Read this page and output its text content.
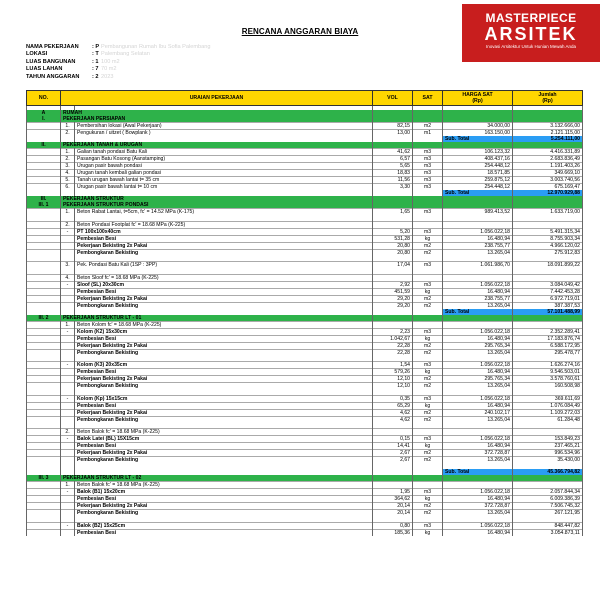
RENCANA ANGGARAN BIAYA
NAMA PEKERJAAN : P Pembangunan Rumah Ibu Sofia Palembang
LOKASI	: T Palembang Selatan
LUAS BANGUNAN	: 1 100 m2
LUAS LAHAN	: 7 70 m2
TAHUN ANGGARAN : 2 2023
MASTERPIECE
ARSITEK
Inovasi Arsitektur Untuk Hunian Mewah Anda
NO.	URAIAN PEKERJAAN		VOL	SAT	HARGA SAT
(Rp)	Jumlah
(Rp)

A	RUMAH					
I.	PEKERJAAN PERSIAPAN					
	1.	Pembersihan lokasi (Awal Pekerjaan)	82,15	m2	34.000,00	3.132.666,00
	2.	Pengukuran / uitzet ( Bowplank )	13,00	m1	163.150,00	2.121.115,00
					Sub. Total	5.254.111,00
II.	PEKERJAAN TANAH & URUGAN					
	1.	Galian tanah pondasi Batu Kali	41,62	m3	106.123,32	4.416.331,89
	2.	Pasangan Batu Kosong (Aanstamping)	6,57	m3	408.437,16	2.683.836,49
	3.	Urugan pasir bawah pondasi	5,65	m3	254.448,12	1.191.403,26
	4.	Urugan tanah kembali galian pondasi	18,83	m3	18.571,85	349.669,10
	5.	Tanah urugan bawah lantai t= 35 cm	11,56	m3	259.875,12	3.003.740,56
	6.	Urugan pasir bawah lantai t= 10 cm	3,30	m3	254.448,12	675.169,47
					Sub. Total	12.970.929,88
III.	PEKERJAAN STRUKTUR					
III. 1	PEKERJAAN STRUKTUR PONDASI					
	1.	Beton Rabat Lantai, t=5cm, fc' = 14.52 MPa (K-175)	1,65	m3	989.413,52	1.633.719,00

	2.	Beton Pondasi Footplat fc' = 18.68 MPa (K-225)				
	-	PT 100x100x40cm	5,20	m3	1.056.022,18	5.491.315,34
		Pembesian Besi	531,28	kg	16.480,94	8.755.903,34
		Pekerjaan Bekisting 2x Pakai	20,80	m2	238.755,77	4.966.120,02
		Pembongkaran Bekisting	20,80	m2	13.265,04	275.912,83

	3.	Pek. Pondasi Batu Kali (1SP : 3PP)	17,04	m3	1.061.986,70	18.091.899,22

	4.	Beton Sloof fc' = 18.68 MPa (K-225)				
	-	Sloof (SL) 20x30cm	2,92	m3	1.056.022,18	3.084.049,42
		Pembesian Besi	451,59	kg	16.480,94	7.442.453,28
		Pekerjaan Bekisting 2x Pakai	29,20	m2	238.755,77	6.972.719,01
		Pembongkaran Bekisting	29,20	m2	13.265,04	387.387,53
					Sub. Total	57.101.488,99
III. 2	PEKERJAAN STRUKTUR LT - 01					
	1.	Beton Kolom fc' = 18.68 MPa (K-225)				
	-	Kolom (K2) 15x30cm	2,23	m3	1.056.022,18	2.352.289,41
		Pembesian Besi	1.042,67	kg	16.480,94	17.183.876,74
		Pekerjaan Bekisting 2x Pakai	22,28	m2	295.765,34	6.588.172,95
		Pembongkaran Bekisting	22,28	m2	13.265,04	295.478,77

	-	Kolom (K3) 20x35cm	1,54	m3	1.056.022,18	1.626.274,16
		Pembesian Besi	579,26	kg	16.480,94	9.546.503,01
		Pekerjaan Bekisting 2x Pakai	12,10	m2	295.765,34	3.578.760,61
		Pembongkaran Bekisting	12,10	m2	13.265,04	160.508,98

	-	Kolom (Kp) 15x15cm	0,35	m3	1.056.022,18	369.611,69
		Pembesian Besi	65,29	kg	16.480,94	1.076.084,49
		Pekerjaan Bekisting 2x Pakai	4,62	m2	240.102,17	1.109.272,03
		Pembongkaran Bekisting	4,62	m2	13.265,04	61.284,48

	2.	Beton Balok fc' = 18.68 MPa (K-225)				
	-	Balok Latei (BL) 15X15cm	0,15	m3	1.056.022,18	153.849,23
		Pembesian Besi	14,41	kg	16.480,94	237.465,21
		Pekerjaan Bekisting 2x Pakai	2,67	m2	372.728,87	996.534,96
		Pembongkaran Bekisting	2,67	m2	13.265,04	35.430,00

					Sub. Total	45.366.794,82
III. 3	PEKERJAAN STRUKTUR LT - 02					
	1.	Beton Balok fc' = 18.68 MPa (K-225)				
	-	Balok (B1) 15x20cm	1,95	m3	1.056.022,18	2.057.844,34
		Pembesian Besi	364,62	kg	16.480,94	6.009.386,39
		Pekerjaan Bekisting 2x Pakai	20,14	m2	372.728,87	7.506.745,32
		Pembongkaran Bekisting	20,14	m2	13.265,04	267.121,95

	-	Balok (B2) 15x25cm	0,80	m3	1.056.022,18	848.447,82
		Pembesian Besi	185,36	kg	16.480,94	3.054.873,11
